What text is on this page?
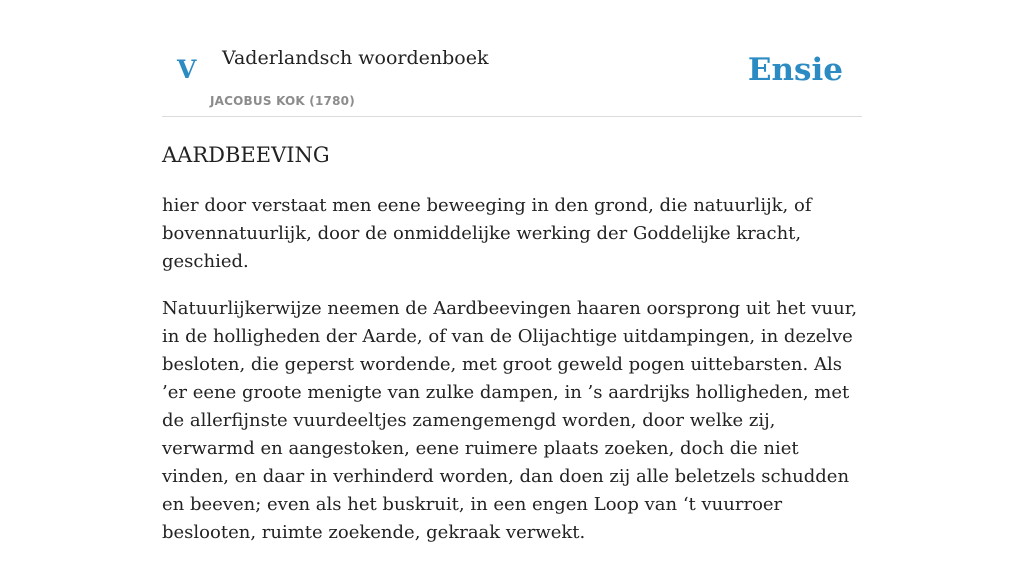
V Vaderlandsch woordenboek
JACOBUS KOK (1780)
Ensie
AARDBEEVING

hier door verstaat men eene beweeging in den grond, die natuurlijk, of bovennatuurlijk, door de onmiddelijke werking der Goddelijke kracht, geschied.

Natuurlijkerwijze neemen de Aardbeevingen haaren oorsprong uit het vuur, in de holligheden der Aarde, of van de Olijachtige uitdampingen, in dezelve besloten, die geperst wordende, met groot geweld pogen uittebarsten. Als ’er eene groote menigte van zulke dampen, in ’s aardrijks holligheden, met de allerfijnste vuurdeeltjes zamengemengd worden, door welke zij, verwarmd en aangestoken, eene ruimere plaats zoeken, doch die niet vinden, en daar in verhinderd worden, dan doen zij alle beletzels schudden en beeven; even als het buskruit, in een engen Loop van ‘t vuurroer beslooten, ruimte zoekende, gekraak verwekt.
